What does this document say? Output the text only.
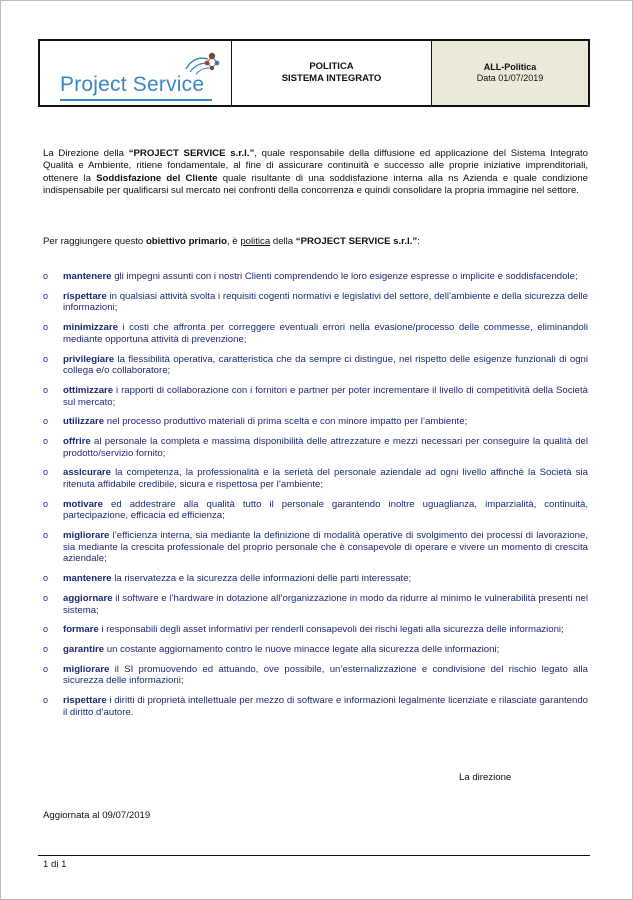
Project Service
POLITICA
SISTEMA INTEGRATO
ALL-Politica
Data 01/07/2019

La Direzione della “PROJECT SERVICE s.r.l.”, quale responsabile della diffusione ed applicazione del Sistema Integrato Qualità e Ambiente, ritiene fondamentale, al fine di assicurare continuità e successo alle proprie iniziative imprenditoriali, ottenere la Soddisfazione del Cliente quale risultante di una soddisfazione interna alla ns Azienda e quale condizione indispensabile per qualificarsi sul mercato nei confronti della concorrenza e quindi consolidare la propria immagine nel settore.

Per raggiungere questo obiettivo primario, è politica della “PROJECT SERVICE s.r.l.”:

o mantenere gli impegni assunti con i nostri Clienti comprendendo le loro esigenze espresse o implicite e soddisfacendole;
o rispettare in qualsiasi attività svolta i requisiti cogenti normativi e legislativi del settore, dell’ambiente e della sicurezza delle informazioni;
o minimizzare i costi che affronta per correggere eventuali errori nella evasione/processo delle commesse, eliminandoli mediante opportuna attività di prevenzione;
o privilegiare la flessibilità operativa, caratteristica che da sempre ci distingue, nel rispetto delle esigenze funzionali di ogni collega e/o collaboratore;
o ottimizzare i rapporti di collaborazione con i fornitori e partner per poter incrementare il livello di competitività della Società sul mercato;
o utilizzare nel processo produttivo materiali di prima scelta e con minore impatto per l’ambiente;
o offrire al personale la completa e massima disponibilità delle attrezzature e mezzi necessari per conseguire la qualità del prodotto/servizio fornito;
o assicurare la competenza, la professionalità e la serietà del personale aziendale ad ogni livello affinchè la Società sia ritenuta affidabile credibile, sicura e rispettosa per l’ambiente;
o motivare ed addestrare alla qualità tutto il personale garantendo inoltre uguaglianza, imparzialità, continuità, partecipazione, efficacia ed efficienza;
o migliorare l’efficienza interna, sia mediante la definizione di modalità operative di svolgimento dei processi di lavorazione, sia mediante la crescita professionale del proprio personale che è consapevole di operare e vivere un momento di crescita aziendale;
o mantenere la riservatezza e la sicurezza delle informazioni delle parti interessate;
o aggiornare il software e l’hardware in dotazione all’organizzazione in modo da ridurre al minimo le vulnerabilità presenti nel sistema;
o formare i responsabili degli asset informativi per renderli consapevoli dei rischi legati alla sicurezza delle informazioni;
o garantire un costante aggiornamento contro le nuove minacce legate alla sicurezza delle informazioni;
o migliorare il SI promuovendo ed attuando, ove possibile, un’esternalizzazione e condivisione del rischio legato alla sicurezza delle informazioni;
o rispettare i diritti di proprietà intellettuale per mezzo di software e informazioni legalmente licenziate e rilasciate garantendo il diritto d’autore.
La direzione
Aggiornata al 09/07/2019
1 di 1
